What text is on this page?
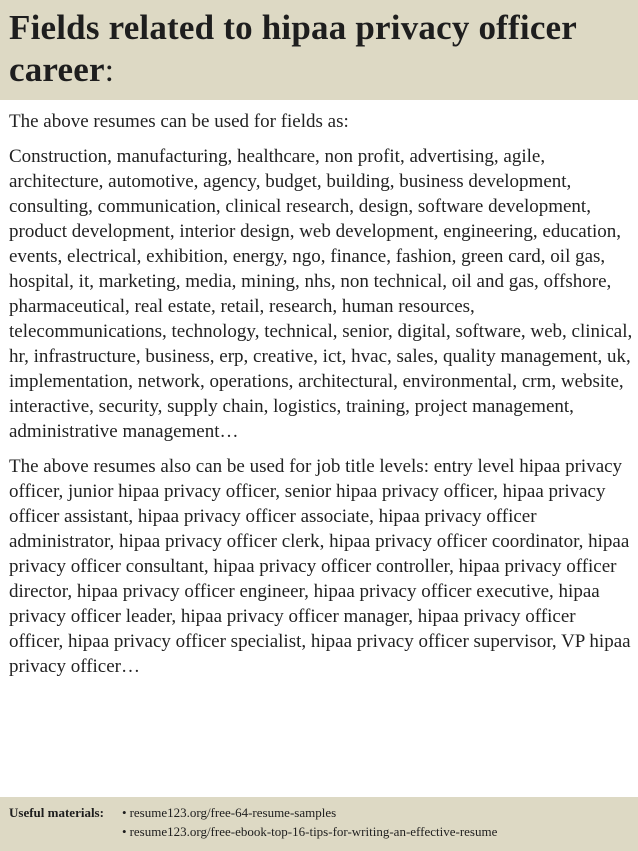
Fields related to hipaa privacy officer career:

The above resumes can be used for fields as:

Construction, manufacturing, healthcare, non profit, advertising, agile, architecture, automotive, agency, budget, building, business development, consulting, communication, clinical research, design, software development, product development, interior design, web development, engineering, education, events, electrical, exhibition, energy, ngo, finance, fashion, green card, oil gas, hospital, it, marketing, media, mining, nhs, non technical, oil and gas, offshore, pharmaceutical, real estate, retail, research, human resources, telecommunications, technology, technical, senior, digital, software, web, clinical, hr, infrastructure, business, erp, creative, ict, hvac, sales, quality management, uk, implementation, network, operations, architectural, environmental, crm, website, interactive, security, supply chain, logistics, training, project management, administrative management…

The above resumes also can be used for job title levels: entry level hipaa privacy officer, junior hipaa privacy officer, senior hipaa privacy officer, hipaa privacy officer assistant, hipaa privacy officer associate, hipaa privacy officer administrator, hipaa privacy officer clerk, hipaa privacy officer coordinator, hipaa privacy officer consultant, hipaa privacy officer controller, hipaa privacy officer director, hipaa privacy officer engineer, hipaa privacy officer executive, hipaa privacy officer leader, hipaa privacy officer manager, hipaa privacy officer officer, hipaa privacy officer specialist, hipaa privacy officer supervisor, VP hipaa privacy officer…

Useful materials: • resume123.org/free-64-resume-samples
• resume123.org/free-ebook-top-16-tips-for-writing-an-effective-resume
